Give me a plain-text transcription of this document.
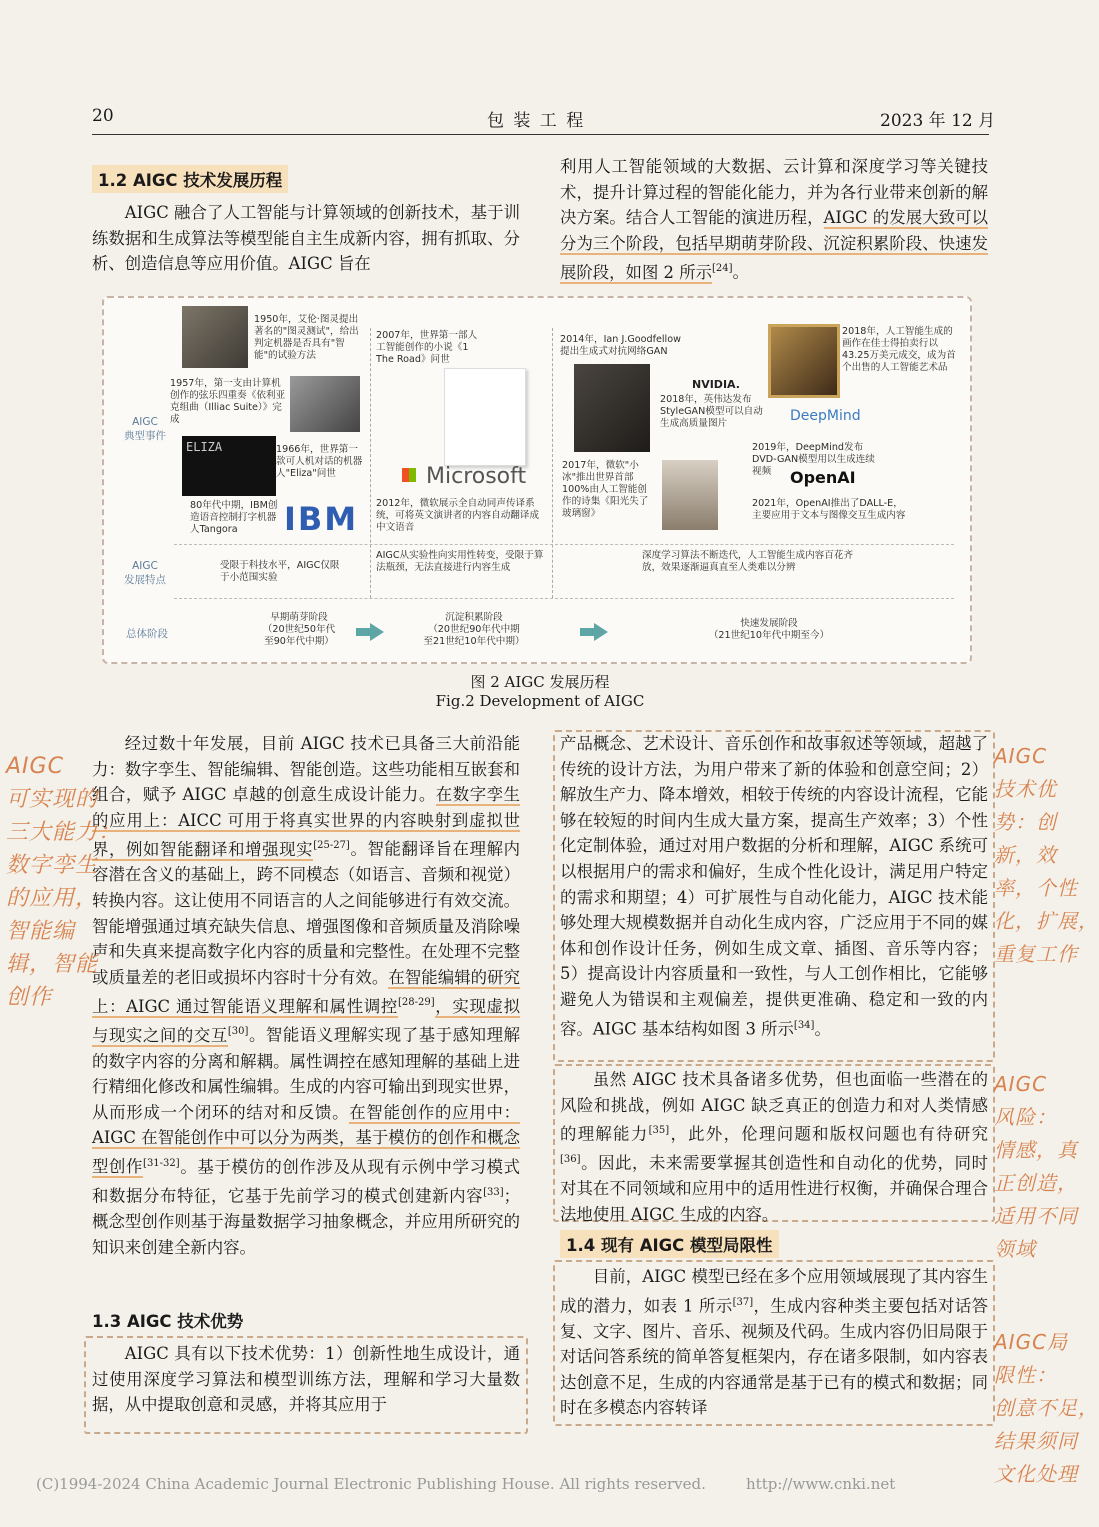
20	包 装 工 程	2023 年 12 月
1.2 AIGC 技术发展历程

AIGC 融合了人工智能与计算领域的创新技术，基于训练数据和生成算法等模型能自主生成新内容，拥有抓取、分析、创造信息等应用价值。AIGC 旨在

利用人工智能领域的大数据、云计算和深度学习等关键技术，提升计算过程的智能化能力，并为各行业带来创新的解决方案。结合人工智能的演进历程，AIGC 的发展大致可以分为三个阶段，包括早期萌芽阶段、沉淀积累阶段、快速发展阶段，如图 2 所示[24]。

AIGC
典型事件
AIGC
发展特点
总体阶段
1950年，艾伦·图灵提出著名的"图灵测试"，给出判定机器是否具有"智能"的试验方法
1957年，第一支由计算机创作的弦乐四重奏《依利亚克组曲（Illiac Suite）》完成
ELIZA	1966年，世界第一款可人机对话的机器人"Eliza"问世
80年代中期，IBM创造语音控制打字机器人Tangora	IBM
2007年，世界第一部人工智能创作的小说《1 The Road》问世
Microsoft
2012年，微软展示全自动同声传译系统，可将英文演讲者的内容自动翻译成中文语音
2014年，Ian J.Goodfellow提出生成式对抗网络GAN
NVIDIA.
2018年，英伟达发布StyleGAN模型可以自动生成高质量图片
2018年，人工智能生成的画作在佳士得拍卖行以43.25万美元成交，成为首个出售的人工智能艺术品
DeepMind
2019年，DeepMind发布DVD-GAN模型用以生成连续视频
2017年，微软"小冰"推出世界首部100%由人工智能创作的诗集《阳光失了玻璃窗》
OpenAI
2021年，OpenAI推出了DALL-E，主要应用于文本与图像交互生成内容
受限于科技水平，AIGC仅限于小范围实验
AIGC从实验性向实用性转变，受限于算法瓶颈，无法直接进行内容生成
深度学习算法不断迭代，人工智能生成内容百花齐放，效果逐渐逼真直至人类难以分辨
早期萌芽阶段
（20世纪50年代
至90年代中期）
沉淀积累阶段
（20世纪90年代中期
至21世纪10年代中期）
快速发展阶段
（21世纪10年代中期至今）
图 2 AIGC 发展历程
Fig.2 Development of AIGC

经过数十年发展，目前 AIGC 技术已具备三大前沿能力：数字孪生、智能编辑、智能创造。这些功能相互嵌套和组合，赋予 AIGC 卓越的创意生成设计能力。在数字孪生的应用上：AICC 可用于将真实世界的内容映射到虚拟世界，例如智能翻译和增强现实[25-27]。智能翻译旨在理解内容潜在含义的基础上，跨不同模态（如语言、音频和视觉）转换内容。这让使用不同语言的人之间能够进行有效交流。智能增强通过填充缺失信息、增强图像和音频质量及消除噪声和失真来提高数字化内容的质量和完整性。在处理不完整或质量差的老旧或损坏内容时十分有效。在智能编辑的研究上：AIGC 通过智能语义理解和属性调控[28-29]，实现虚拟与现实之间的交互[30]。智能语义理解实现了基于感知理解的数字内容的分离和解耦。属性调控在感知理解的基础上进行精细化修改和属性编辑。生成的内容可输出到现实世界，从而形成一个闭环的结对和反馈。在智能创作的应用中：AIGC 在智能创作中可以分为两类，基于模仿的创作和概念型创作[31-32]。基于模仿的创作涉及从现有示例中学习模式和数据分布特征，它基于先前学习的模式创建新内容[33]；概念型创作则基于海量数据学习抽象概念，并应用所研究的知识来创建全新内容。

1.3 AIGC 技术优势

AIGC 具有以下技术优势：1）创新性地生成设计，通过使用深度学习算法和模型训练方法，理解和学习大量数据，从中提取创意和灵感，并将其应用于

产品概念、艺术设计、音乐创作和故事叙述等领域，超越了传统的设计方法，为用户带来了新的体验和创意空间；2）解放生产力、降本增效，相较于传统的内容设计流程，它能够在较短的时间内生成大量方案，提高生产效率；3）个性化定制体验，通过对用户数据的分析和理解，AIGC 系统可以根据用户的需求和偏好，生成个性化设计，满足用户特定的需求和期望；4）可扩展性与自动化能力，AIGC 技术能够处理大规模数据并自动化生成内容，广泛应用于不同的媒体和创作设计任务，例如生成文章、插图、音乐等内容；5）提高设计内容质量和一致性，与人工创作相比，它能够避免人为错误和主观偏差，提供更准确、稳定和一致的内容。AIGC 基本结构如图 3 所示[34]。

虽然 AIGC 技术具备诸多优势，但也面临一些潜在的风险和挑战，例如 AIGC 缺乏真正的创造力和对人类情感的理解能力[35]，此外，伦理问题和版权问题也有待研究[36]。因此，未来需要掌握其创造性和自动化的优势，同时对其在不同领域和应用中的适用性进行权衡，并确保合理合法地使用 AIGC 生成的内容。

1.4 现有 AIGC 模型局限性

目前，AIGC 模型已经在多个应用领域展现了其内容生成的潜力，如表 1 所示[37]，生成内容种类主要包括对话答复、文字、图片、音乐、视频及代码。生成内容仍旧局限于对话问答系统的简单答复框架内，存在诸多限制，如内容表达创意不足，生成的内容通常是基于已有的模式和数据；同时在多模态内容转译

AIGC
可实现的
三大能力：
数字孪生
的应用，
智能编
辑，智能
创作
AIGC
技术优
势：创
新，效
率，个性
化，扩展，
重复工作
AIGC
风险：
情感，真
正创造，
适用不同
领域
AIGC局
限性：
创意不足，
结果须同
文化处理
(C)1994-2024 China Academic Journal Electronic Publishing House. All rights reserved.	http://www.cnki.net
